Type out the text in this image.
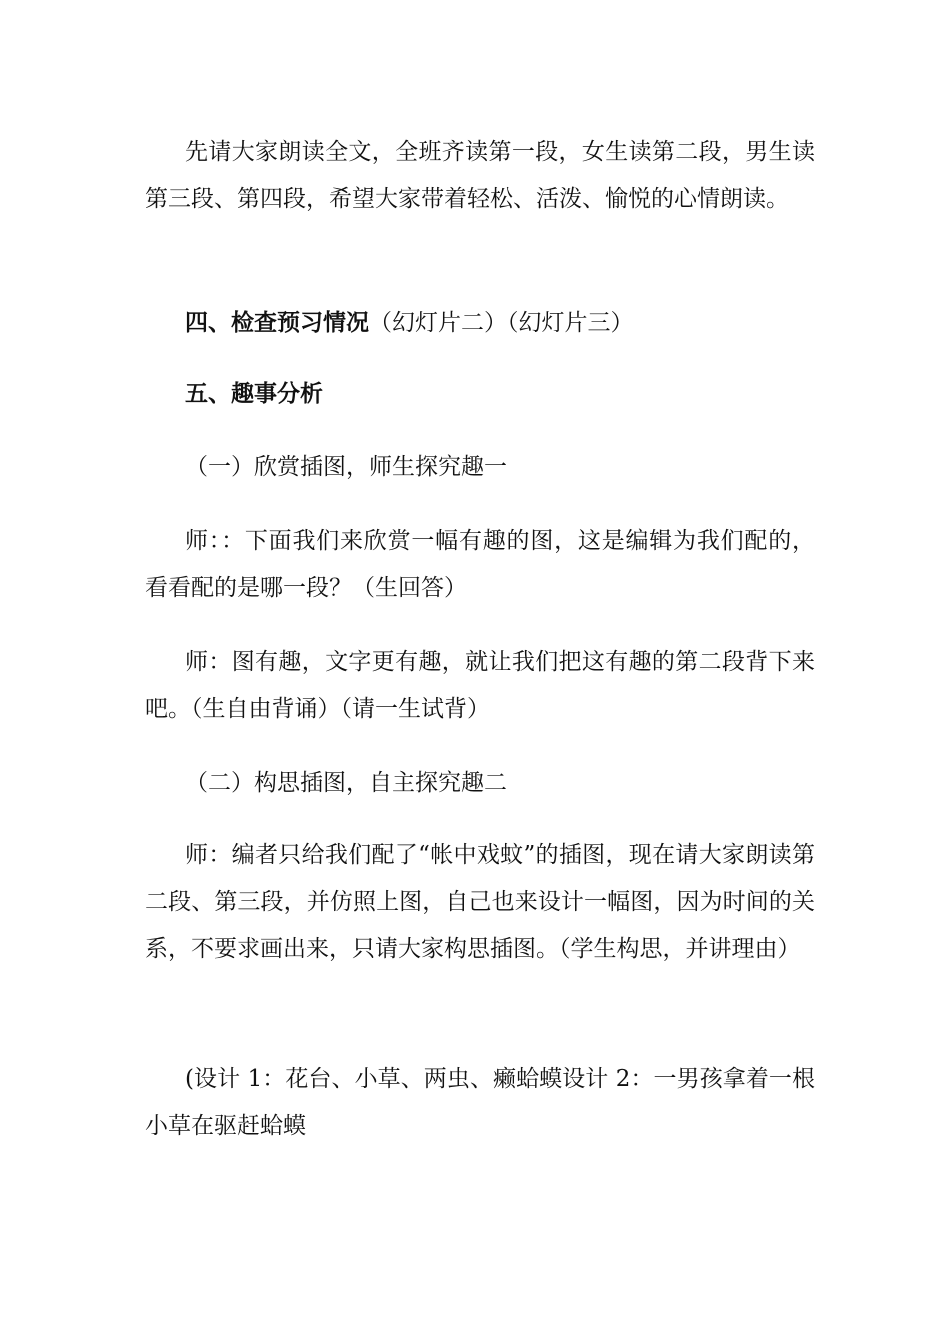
先请大家朗读全文，全班齐读第一段，女生读第二段，男生读第三段、第四段，希望大家带着轻松、活泼、愉悦的心情朗读。

四、检查预习情况（幻灯片二）（幻灯片三）

五、趣事分析

（一）欣赏插图，师生探究趣一

师：：下面我们来欣赏一幅有趣的图，这是编辑为我们配的，看看配的是哪一段？（生回答）

师：图有趣，文字更有趣，就让我们把这有趣的第二段背下来吧。（生自由背诵）（请一生试背）

（二）构思插图，自主探究趣二

师：编者只给我们配了“帐中戏蚊”的插图，现在请大家朗读第二段、第三段，并仿照上图，自己也来设计一幅图，因为时间的关系，不要求画出来，只请大家构思插图。（学生构思，并讲理由）

(设计 1：花台、小草、两虫、癞蛤蟆设计 2：一男孩拿着一根小草在驱赶蛤蟆
